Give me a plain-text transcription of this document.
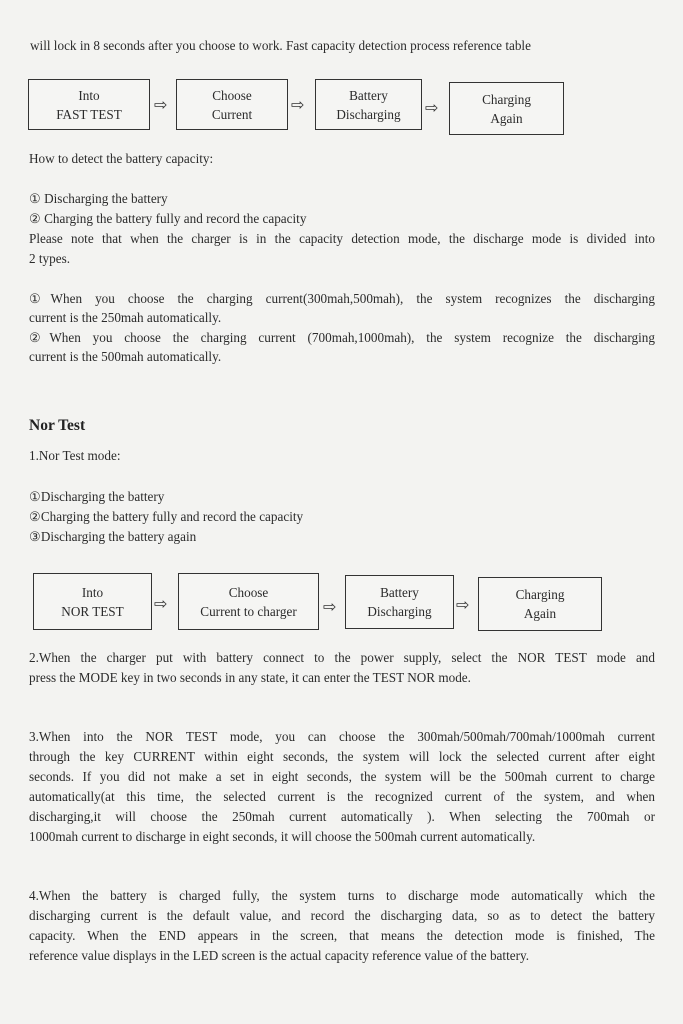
will lock in 8 seconds after you choose to work. Fast capacity detection process reference table

Into
FAST TEST ⇨	Choose
Current ⇨	Battery
Discharging ⇨	Charging
Again

How to detect the battery capacity:

① Discharging the battery

② Charging the battery fully and record the capacity

Please note that when the charger is in the capacity detection mode, the discharge mode is divided into

2 types.

①When you choose the charging current(300mah,500mah), the system recognizes the discharging

current is the 250mah automatically.

②When you choose the charging current (700mah,1000mah), the system recognize the discharging

current is the 500mah automatically.

Nor Test

1.Nor Test mode:

①Discharging the battery

②Charging the battery fully and record the capacity

③Discharging the battery again

Into
NOR TEST ⇨
Choose
Current to charger ⇨
Battery
Discharging ⇨
Charging
Again

2.When the charger put with battery connect to the power supply, select the NOR TEST mode and

press the MODE key in two seconds in any state, it can enter the TEST NOR mode.

3.When into the NOR TEST mode, you can choose the 300mah/500mah/700mah/1000mah current

through the key CURRENT within eight seconds, the system will lock the selected current after eight

seconds. If you did not make a set in eight seconds, the system will be the 500mah current to charge

automatically(at this time, the selected current is the recognized current of the system, and when

discharging,it will choose the 250mah current automatically ). When selecting the 700mah or

1000mah current to discharge in eight seconds, it will choose the 500mah current automatically.

4.When the battery is charged fully, the system turns to discharge mode automatically which the

discharging current is the default value, and record the discharging data, so as to detect the battery

capacity. When the END appears in the screen, that means the detection mode is finished, The

reference value displays in the LED screen is the actual capacity reference value of the battery.
